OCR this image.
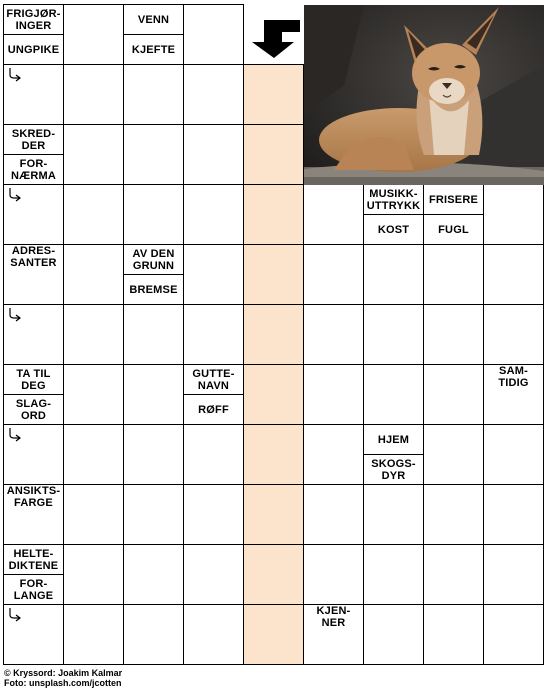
FRIGJØR-
INGER
UNGPIKE
VENN
KJEFTE
SKRED-
DER
FOR-
NÆRMA
MUSIKK-
UTTRYKK
KOST
FRISERE
FUGL
ADRES-
SANTER
AV DEN
GRUNN
BREMSE
TA TIL
DEG
SLAG-
ORD
GUTTE-
NAVN
RØFF
SAM-
TIDIG
HJEM
SKOGS-
DYR
ANSIKTS-
FARGE
HELTE-
DIKTENE
FOR-
LANGE
KJEN-
NER
© Kryssord: Joakim Kalmar
Foto: unsplash.com/jcotten
